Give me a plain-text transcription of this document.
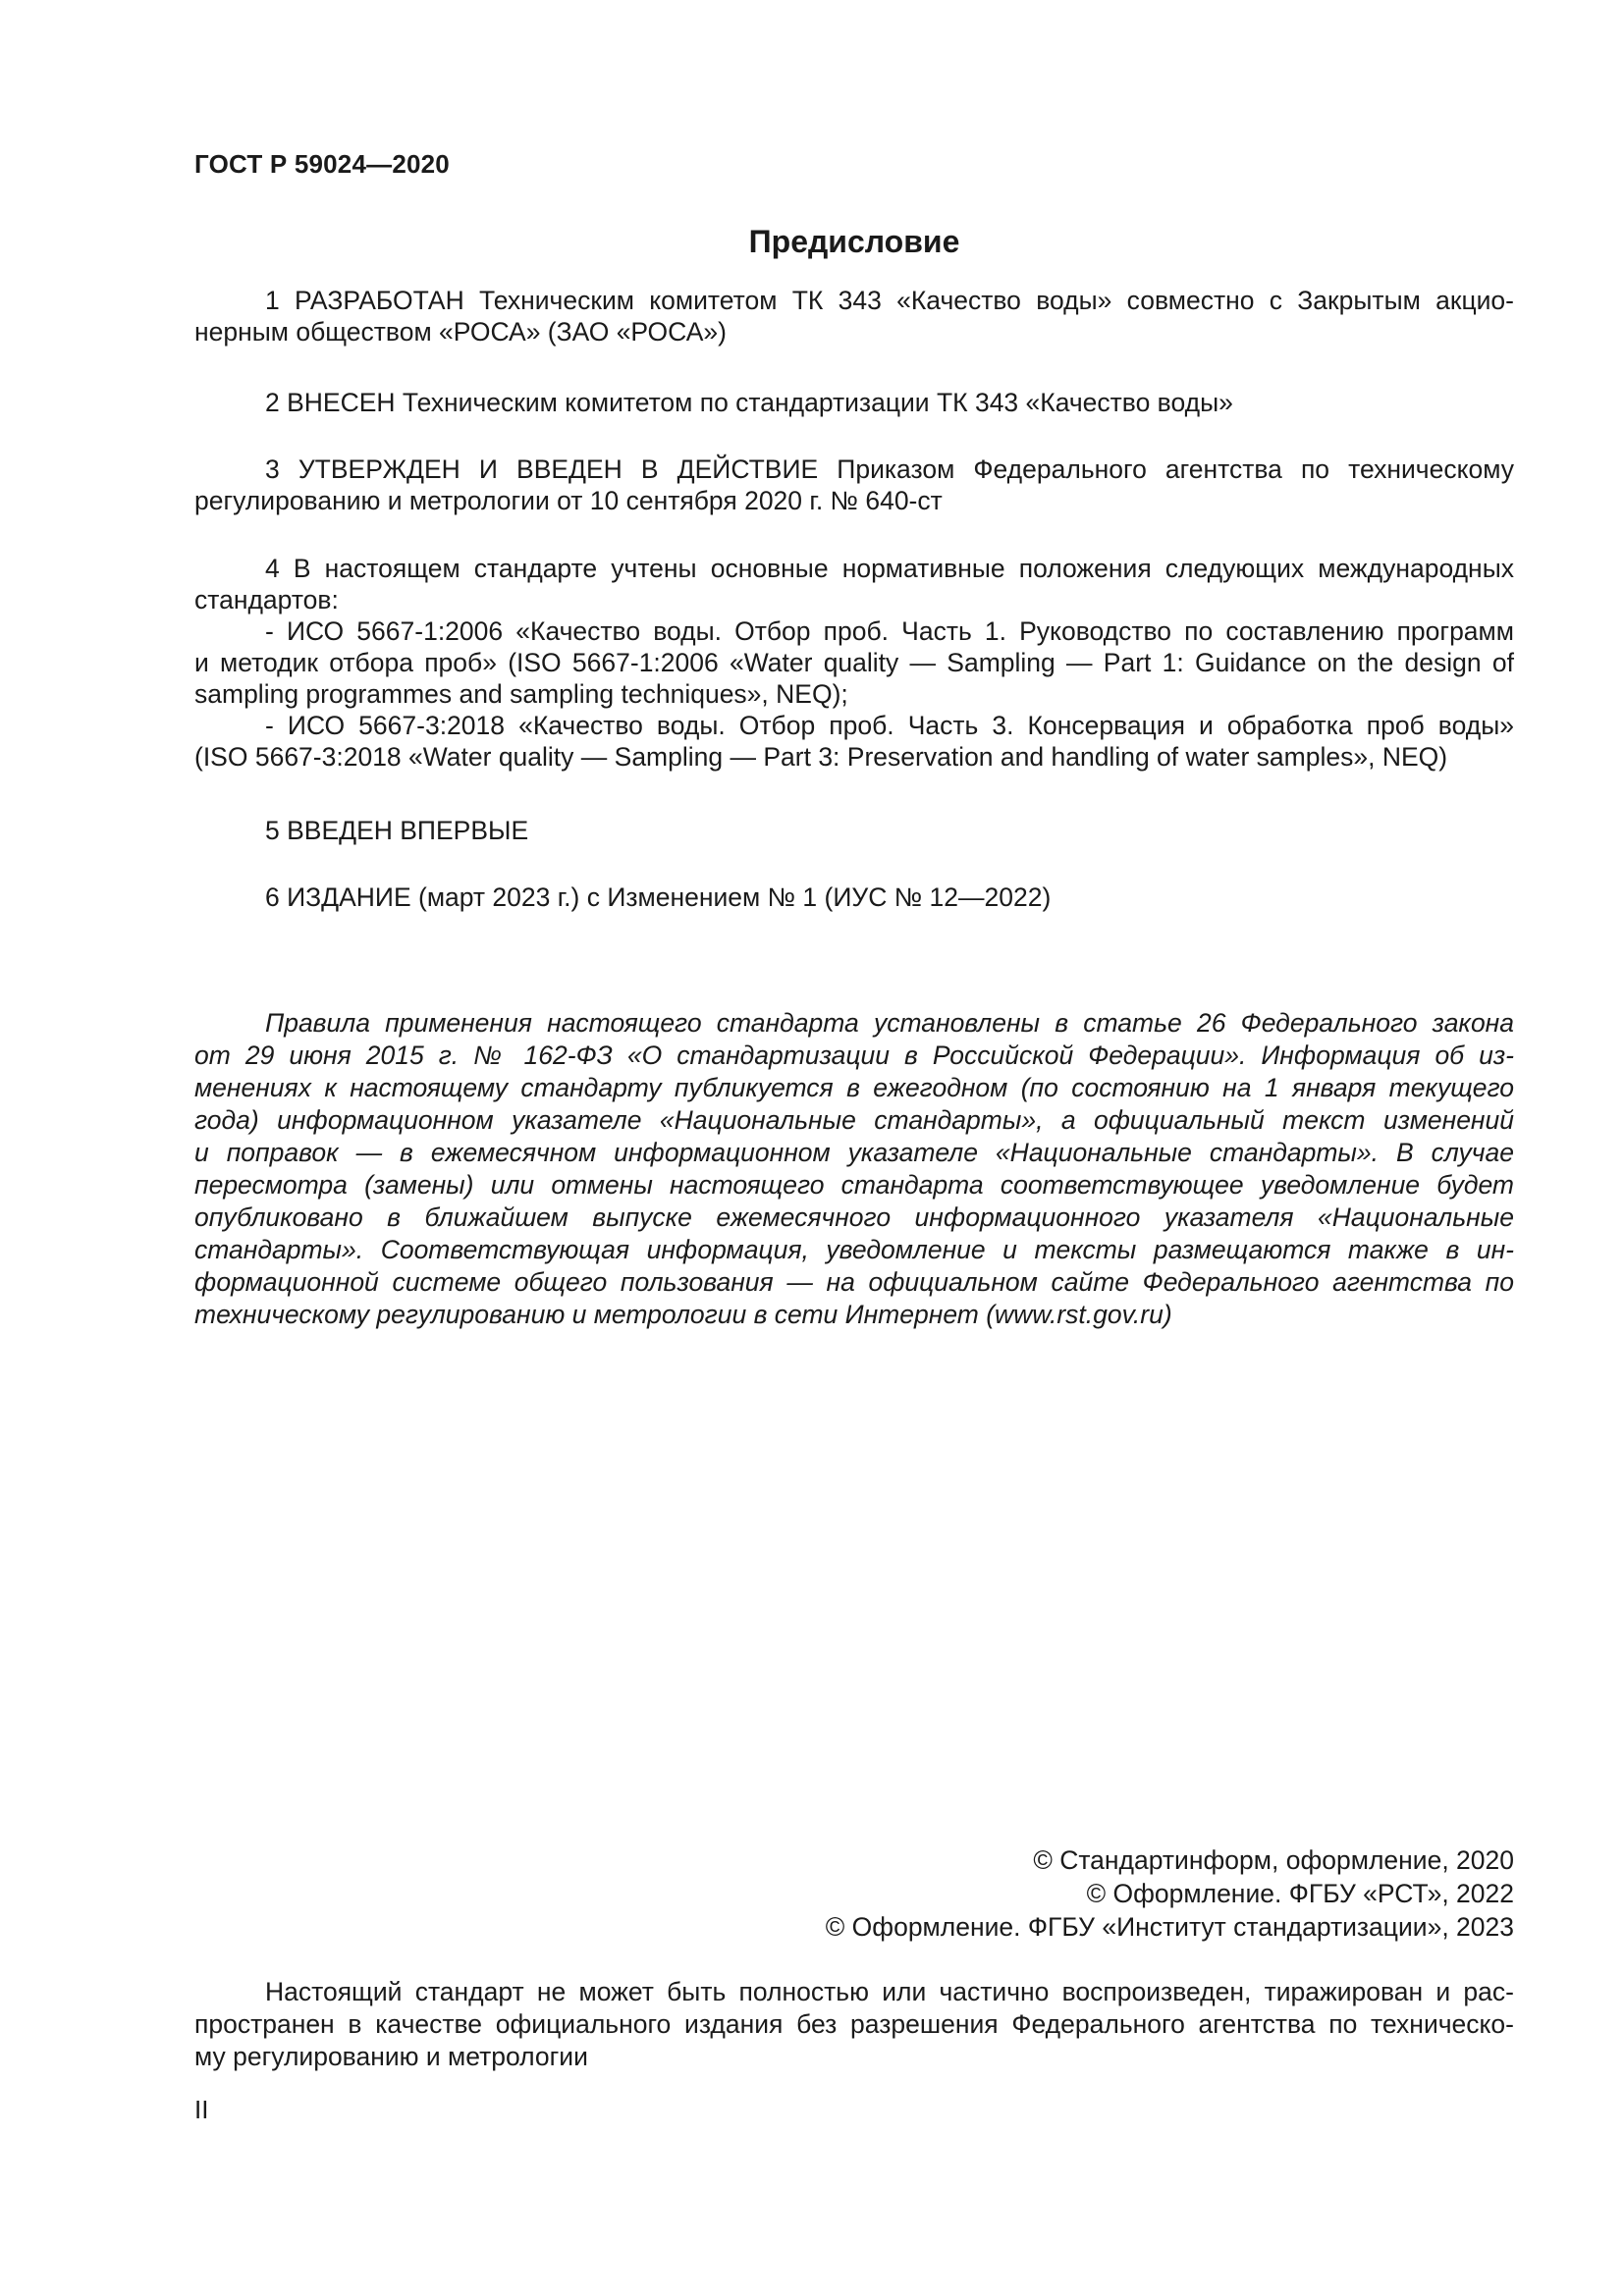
ГОСТ Р 59024—2020
Предисловие
1 РАЗРАБОТАН Техническим комитетом ТК 343 «Качество воды» совместно с Закрытым акцио-
нерным обществом «РОСА» (ЗАО «РОСА»)
2 ВНЕСЕН Техническим комитетом по стандартизации ТК 343 «Качество воды»
3 УТВЕРЖДЕН И ВВЕДЕН В ДЕЙСТВИЕ Приказом Федерального агентства по техническому
регулированию и метрологии от 10 сентября 2020 г. № 640-ст
4 В настоящем стандарте учтены основные нормативные положения следующих международных
стандартов:
- ИСО 5667-1:2006 «Качество воды. Отбор проб. Часть 1. Руководство по составлению программ
и методик отбора проб» (ISO 5667-1:2006 «Water quality — Sampling — Part 1: Guidance on the design of
sampling programmes and sampling techniques», NEQ);
- ИСО 5667-3:2018 «Качество воды. Отбор проб. Часть 3. Консервация и обработка проб воды»
(ISO 5667-3:2018 «Water quality — Sampling — Part 3: Preservation and handling of water samples», NEQ)
5 ВВЕДЕН ВПЕРВЫЕ
6 ИЗДАНИЕ (март 2023 г.) с Изменением № 1 (ИУС № 12—2022)
Правила применения настоящего стандарта установлены в статье 26 Федерального закона
от 29 июня 2015 г. № 162-ФЗ «О стандартизации в Российской Федерации». Информация об из-
менениях к настоящему стандарту публикуется в ежегодном (по состоянию на 1 января текущего
года) информационном указателе «Национальные стандарты», а официальный текст изменений
и поправок — в ежемесячном информационном указателе «Национальные стандарты». В случае
пересмотра (замены) или отмены настоящего стандарта соответствующее уведомление будет
опубликовано в ближайшем выпуске ежемесячного информационного указателя «Национальные
стандарты». Соответствующая информация, уведомление и тексты размещаются также в ин-
формационной системе общего пользования — на официальном сайте Федерального агентства по
техническому регулированию и метрологии в сети Интернет (www.rst.gov.ru)
© Стандартинформ, оформление, 2020
© Оформление. ФГБУ «РСТ», 2022
© Оформление. ФГБУ «Институт стандартизации», 2023
Настоящий стандарт не может быть полностью или частично воспроизведен, тиражирован и рас-
пространен в качестве официального издания без разрешения Федерального агентства по техническо-
му регулированию и метрологии
II
